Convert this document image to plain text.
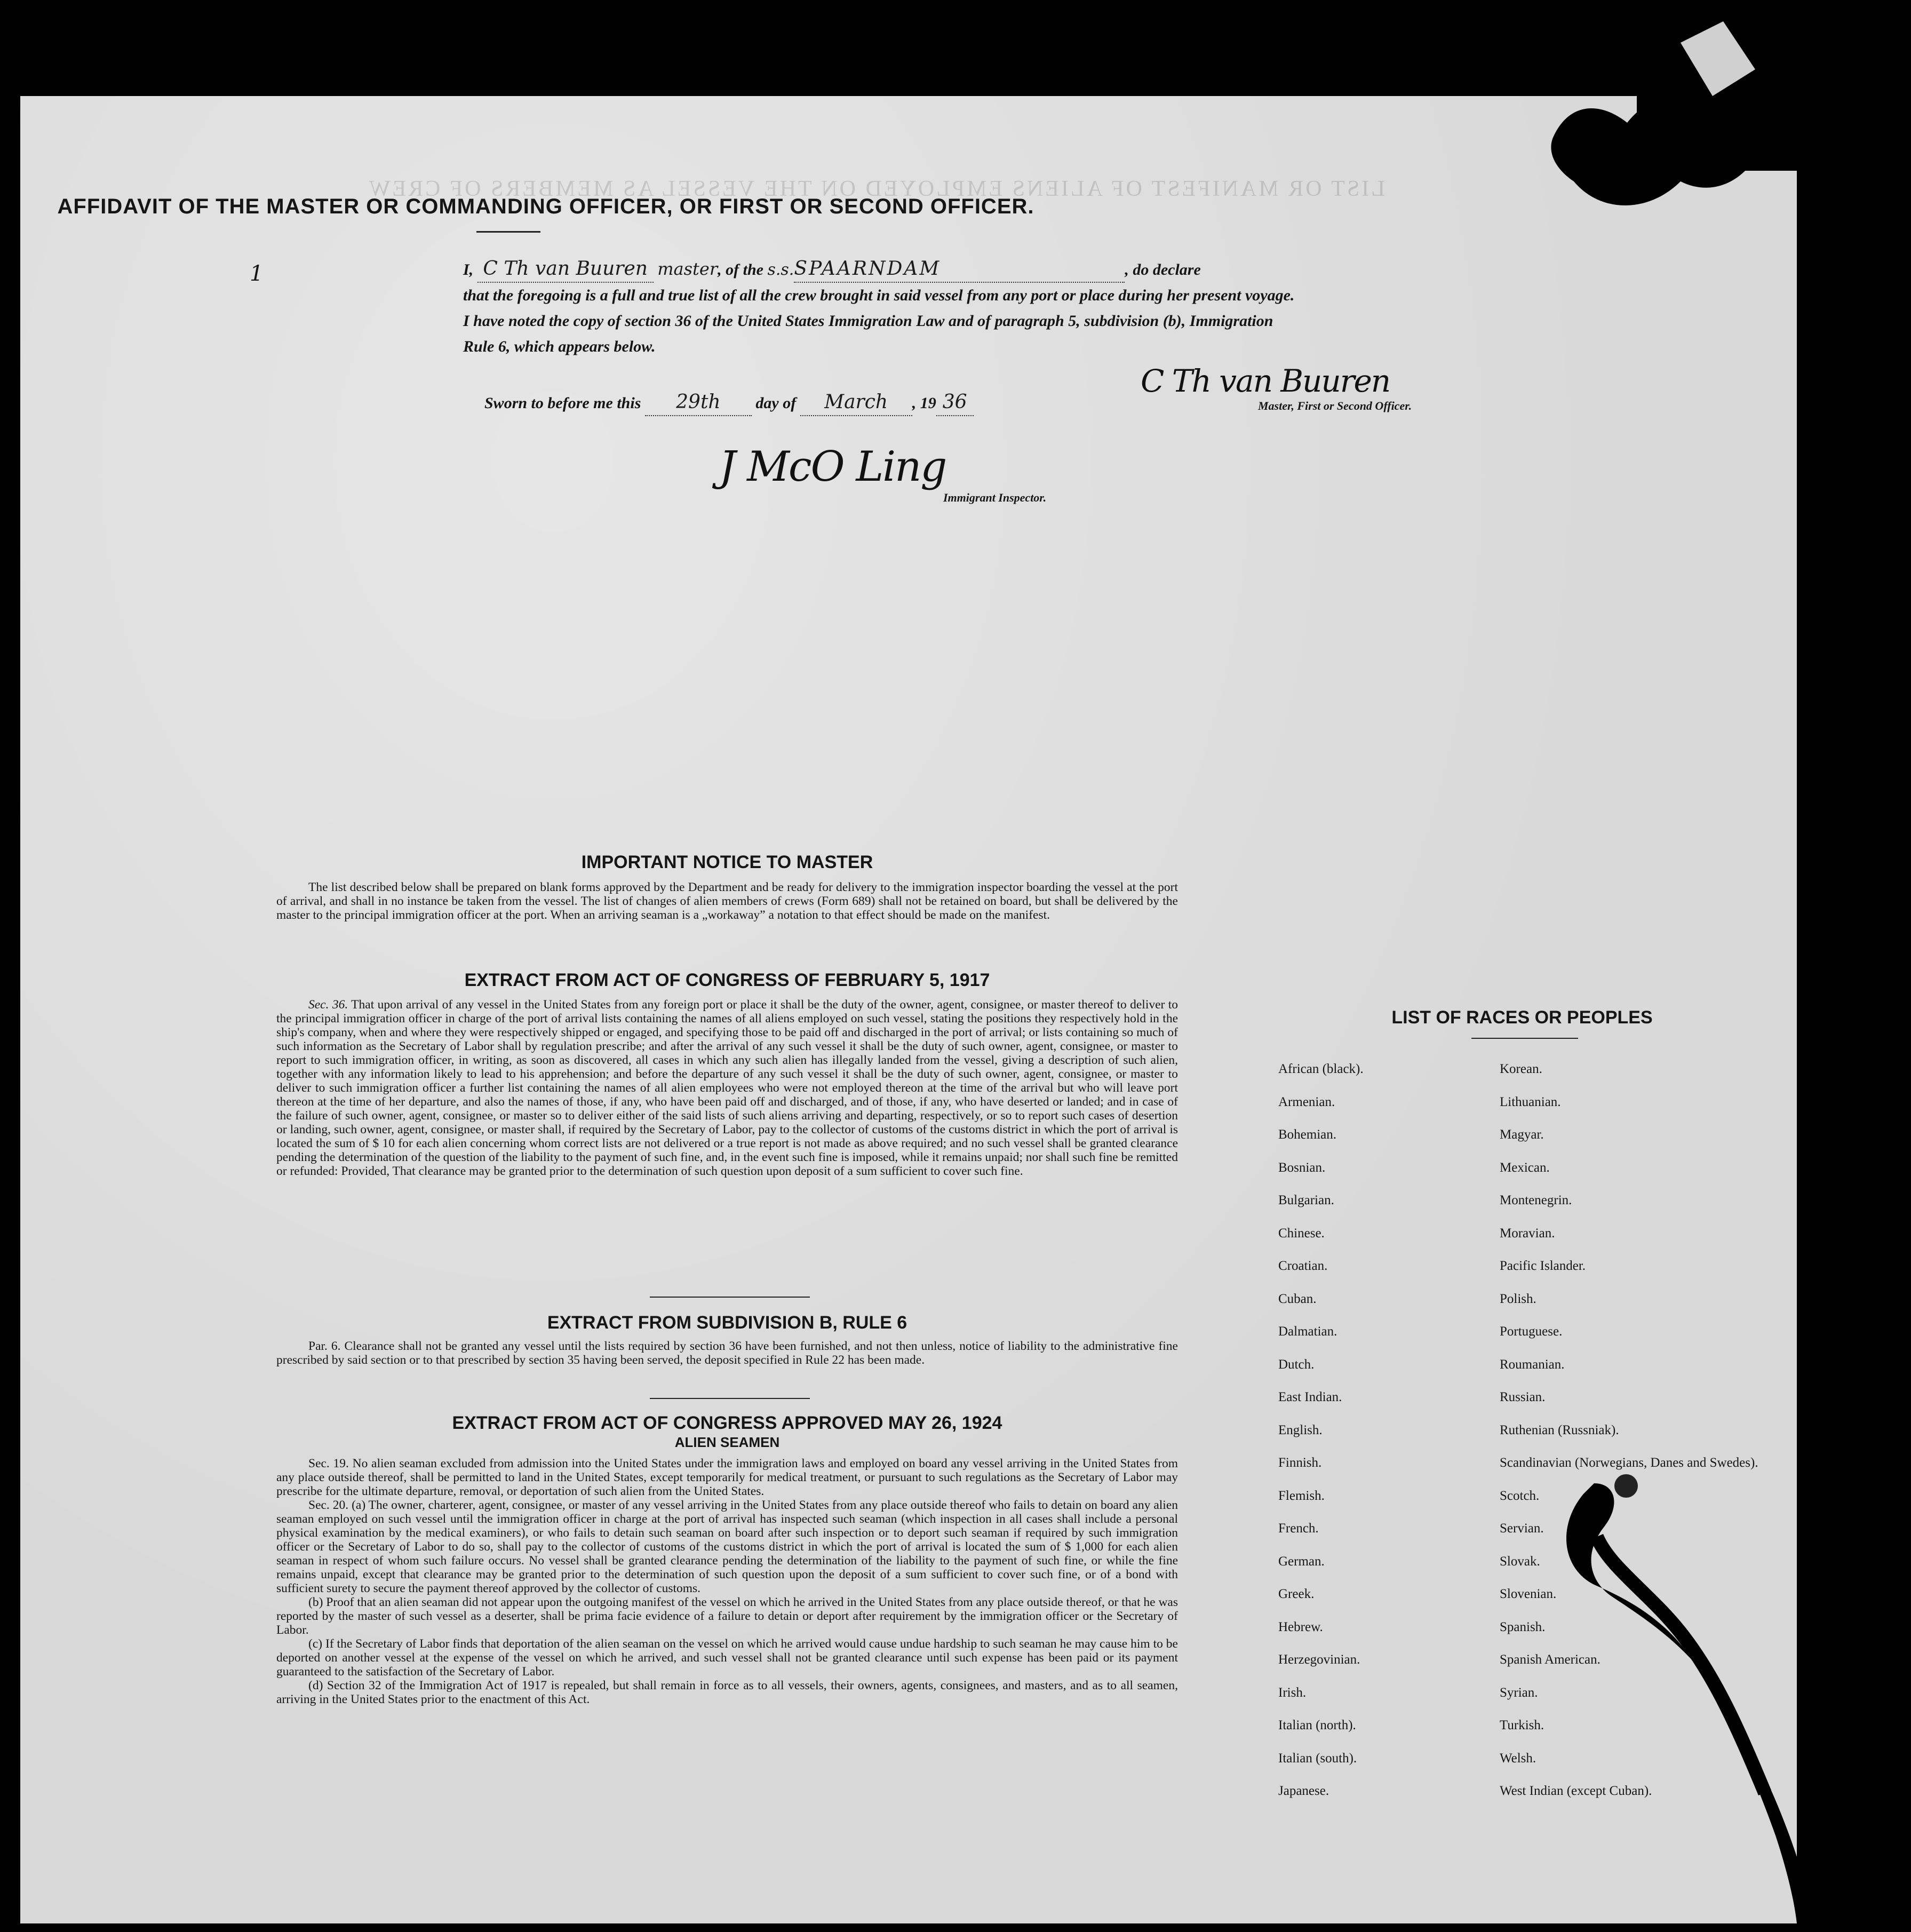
LIST OR MANIFEST OF ALIENS EMPLOYED ON THE VESSEL AS MEMBERS OF CREW
AFFIDAVIT OF THE MASTER OR COMMANDING OFFICER, OR FIRST OR SECOND OFFICER.
1	I, C Th van Buuren master, of the s.s.SPAARNDAM	, do declare
that the foregoing is a full and true list of all the crew brought in said vessel from any port or place during her present voyage.
I have noted the copy of section 36 of the United States Immigration Law and of paragraph 5, subdivision (b), Immigration
Rule 6, which appears below.
Sworn to before me this 29th day of March , 19 36
C Th van Buuren
Master, First or Second Officer.
J McO Ling
Immigrant Inspector.
IMPORTANT NOTICE TO MASTER

The list described below shall be prepared on blank forms approved by the Department and be ready for delivery to the immigration inspector boarding the vessel at the port of arrival, and shall in no instance be taken from the vessel. The list of changes of alien members of crews (Form 689) shall not be retained on board, but shall be delivered by the master to the principal immigration officer at the port. When an arriving seaman is a „workaway” a notation to that effect should be made on the manifest.

EXTRACT FROM ACT OF CONGRESS OF FEBRUARY 5, 1917

Sec. 36. That upon arrival of any vessel in the United States from any foreign port or place it shall be the duty of the owner, agent, consignee, or master thereof to deliver to the principal immigration officer in charge of the port of arrival lists containing the names of all aliens employed on such vessel, stating the positions they respectively hold in the ship's company, when and where they were respectively shipped or engaged, and specifying those to be paid off and discharged in the port of arrival; or lists containing so much of such information as the Secretary of Labor shall by regulation prescribe; and after the arrival of any such vessel it shall be the duty of such owner, agent, consignee, or master to report to such immigration officer, in writing, as soon as discovered, all cases in which any such alien has illegally landed from the vessel, giving a description of such alien, together with any information likely to lead to his apprehension; and before the departure of any such vessel it shall be the duty of such owner, agent, consignee, or master to deliver to such immigration officer a further list containing the names of all alien employees who were not employed thereon at the time of the arrival but who will leave port thereon at the time of her departure, and also the names of those, if any, who have been paid off and discharged, and of those, if any, who have deserted or landed; and in case of the failure of such owner, agent, consignee, or master so to deliver either of the said lists of such aliens arriving and departing, respectively, or so to report such cases of desertion or landing, such owner, agent, consignee, or master shall, if required by the Secretary of Labor, pay to the collector of customs of the customs district in which the port of arrival is located the sum of $ 10 for each alien concerning whom correct lists are not delivered or a true report is not made as above required; and no such vessel shall be granted clearance pending the determination of the question of the liability to the payment of such fine, and, in the event such fine is imposed, while it remains unpaid; nor shall such fine be remitted or refunded: Provided, That clearance may be granted prior to the determination of such question upon deposit of a sum sufficient to cover such fine.

EXTRACT FROM SUBDIVISION B, RULE 6

Par. 6. Clearance shall not be granted any vessel until the lists required by section 36 have been furnished, and not then unless, notice of liability to the administrative fine prescribed by said section or to that prescribed by section 35 having been served, the deposit specified in Rule 22 has been made.

EXTRACT FROM ACT OF CONGRESS APPROVED MAY 26, 1924
ALIEN SEAMEN

Sec. 19. No alien seaman excluded from admission into the United States under the immigration laws and employed on board any vessel arriving in the United States from any place outside thereof, shall be permitted to land in the United States, except temporarily for medical treatment, or pursuant to such regulations as the Secretary of Labor may prescribe for the ultimate departure, removal, or deportation of such alien from the United States.

Sec. 20. (a) The owner, charterer, agent, consignee, or master of any vessel arriving in the United States from any place outside thereof who fails to detain on board any alien seaman employed on such vessel until the immigration officer in charge at the port of arrival has inspected such seaman (which inspection in all cases shall include a personal physical examination by the medical examiners), or who fails to detain such seaman on board after such inspection or to deport such seaman if required by such immigration officer or the Secretary of Labor to do so, shall pay to the collector of customs of the customs district in which the port of arrival is located the sum of $ 1,000 for each alien seaman in respect of whom such failure occurs. No vessel shall be granted clearance pending the determination of the liability to the payment of such fine, or while the fine remains unpaid, except that clearance may be granted prior to the determination of such question upon the deposit of a sum sufficient to cover such fine, or of a bond with sufficient surety to secure the payment thereof approved by the collector of customs.

(b) Proof that an alien seaman did not appear upon the outgoing manifest of the vessel on which he arrived in the United States from any place outside thereof, or that he was reported by the master of such vessel as a deserter, shall be prima facie evidence of a failure to detain or deport after requirement by the immigration officer or the Secretary of Labor.

(c) If the Secretary of Labor finds that deportation of the alien seaman on the vessel on which he arrived would cause undue hardship to such seaman he may cause him to be deported on another vessel at the expense of the vessel on which he arrived, and such vessel shall not be granted clearance until such expense has been paid or its payment guaranteed to the satisfaction of the Secretary of Labor.

(d) Section 32 of the Immigration Act of 1917 is repealed, but shall remain in force as to all vessels, their owners, agents, consignees, and masters, and as to all seamen, arriving in the United States prior to the enactment of this Act.

LIST OF RACES OR PEOPLES
African (black).
Armenian.
Bohemian.
Bosnian.
Bulgarian.
Chinese.
Croatian.
Cuban.
Dalmatian.
Dutch.
East Indian.
English.
Finnish.
Flemish.
French.
German.
Greek.
Hebrew.
Herzegovinian.
Irish.
Italian (north).
Italian (south).
Japanese.
Korean.
Lithuanian.
Magyar.
Mexican.
Montenegrin.
Moravian.
Pacific Islander.
Polish.
Portuguese.
Roumanian.
Russian.
Ruthenian (Russniak).
Scandinavian (Norwegians, Danes and Swedes).
Scotch.
Servian.
Slovak.
Slovenian.
Spanish.
Spanish American.
Syrian.
Turkish.
Welsh.
West Indian (except Cuban).
